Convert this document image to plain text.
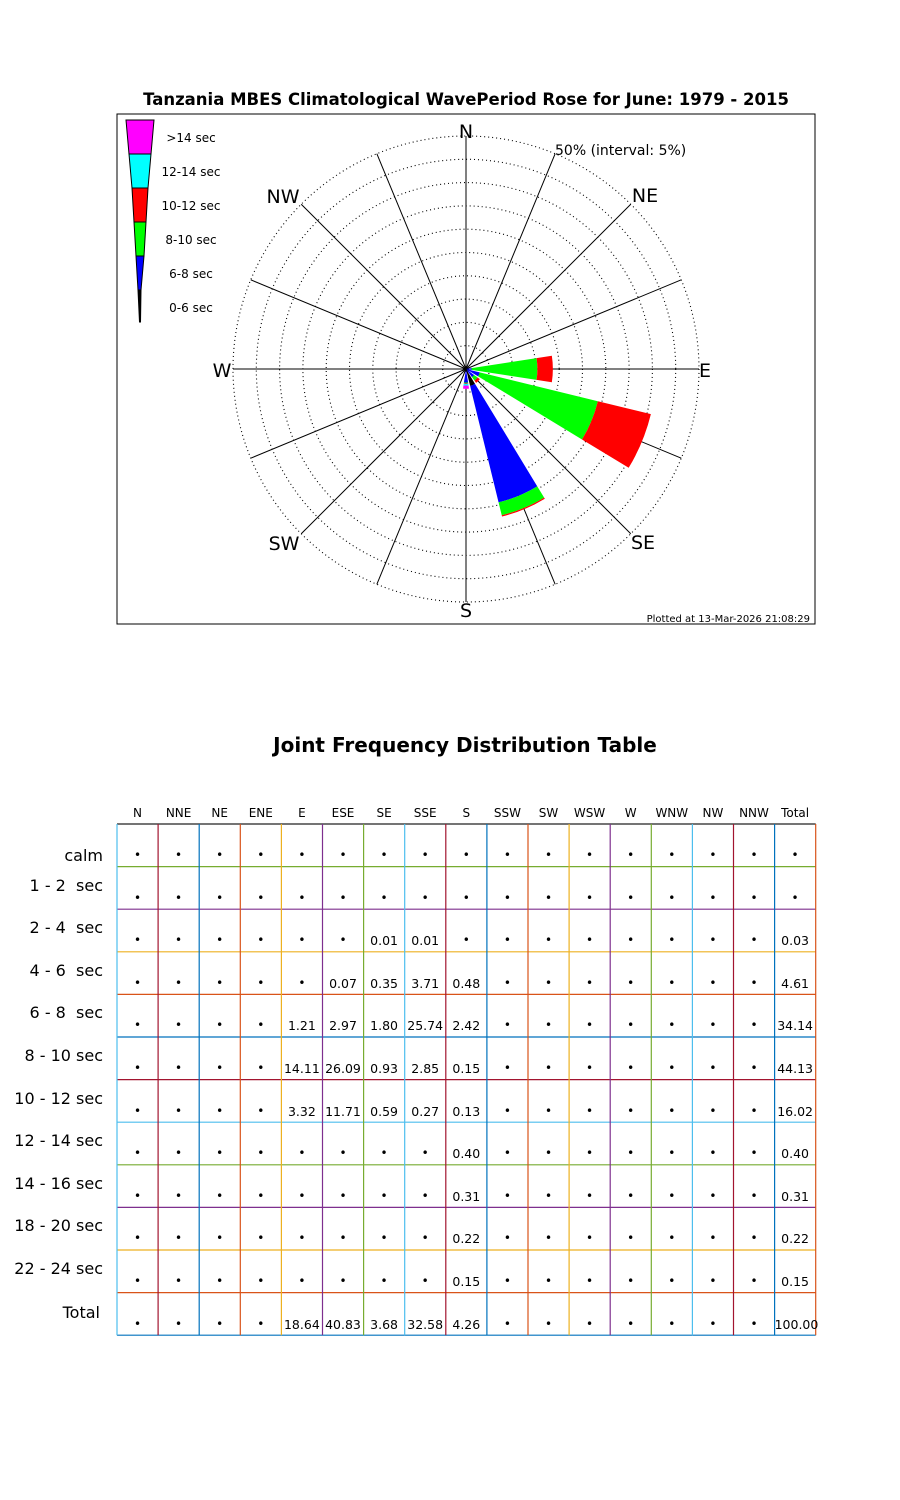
Tanzania MBES Climatological WavePeriod Rose for June: 1979 - 2015
N
NE
E
SE
S
SW
W
NW
50% (interval: 5%)
Plotted at 13-Mar-2026 21:08:29
>14 sec
12-14 sec
10-12 sec
8-10 sec
6-8 sec
0-6 sec
Joint Frequency Distribution Table
N	NNE	NE	ENE	E	ESE	SE	SSE	S	SSW	SW	WSW	W	WNW	NW	NNW	Total
calm	•	•	•	•	•	•	•	•	•	•	•	•	•	•	•	•	•
1 - 2  sec
•	•	•	•	•	•	•	•	•	•	•	•	•	•	•	•	•
2 - 4  sec
•	•	•	•	•	•	0.01	0.01	•	•	•	•	•	•	•	•	0.03
4 - 6  sec
•	•	•	•	•	0.07	0.35	3.71	0.48	•	•	•	•	•	•	•	4.61
6 - 8  sec
•	•	•	•	1.21	2.97	1.80 25.74 2.42	•	•	•	•	•	•	•	34.14
8 - 10 sec
•	•	•	•	14.11 26.09 0.93	2.85	0.15	•	•	•	•	•	•	•	44.13
10 - 12 sec
•	•	•	•	3.32 11.71 0.59	0.27	0.13	•	•	•	•	•	•	•	16.02
12 - 14 sec
•	•	•	•	•	•	•	•	0.40	•	•	•	•	•	•	•	0.40
14 - 16 sec
•	•	•	•	•	•	•	•	0.31	•	•	•	•	•	•	•	0.31
18 - 20 sec
•	•	•	•	•	•	•	•	0.22	•	•	•	•	•	•	•	0.22
22 - 24 sec
•	•	•	•	•	•	•	•	0.15	•	•	•	•	•	•	•	0.15
Total
•	•	•	•	18.64 40.83 3.68 32.58 4.26	•	•	•	•	•	•	•	100.00
